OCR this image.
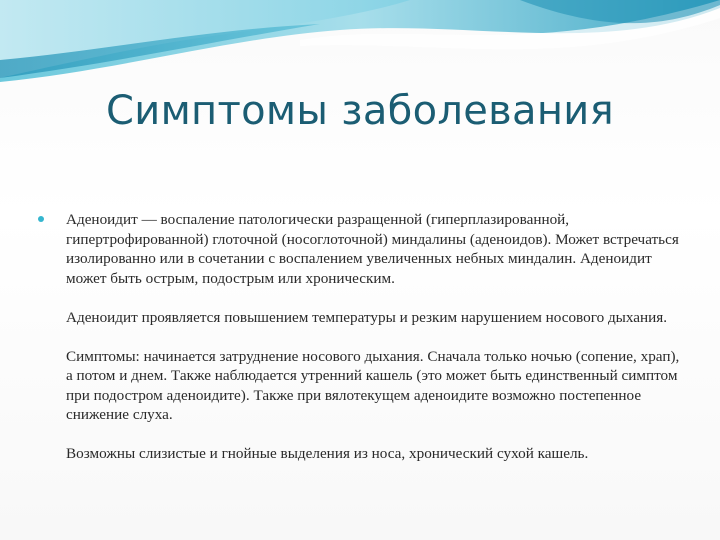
Симптомы заболевания

Аденоидит — воспаление патологически разращенной (гиперплазированной, гипертрофированной) глоточной (носоглоточной) миндалины (аденоидов). Может встречаться изолированно или в сочетании с воспалением увеличенных небных миндалин. Аденоидит может быть острым, подострым или хроническим.

Аденоидит проявляется повышением температуры и резким нарушением носового дыхания.

Симптомы: начинается затруднение носового дыхания. Сначала только ночью (сопение, храп), а потом и днем. Также наблюдается утренний кашель (это может быть единственный симптом при подостром аденоидите). Также при вялотекущем аденоидите возможно постепенное снижение слуха.

Возможны слизистые и гнойные выделения из носа, хронический сухой кашель.
